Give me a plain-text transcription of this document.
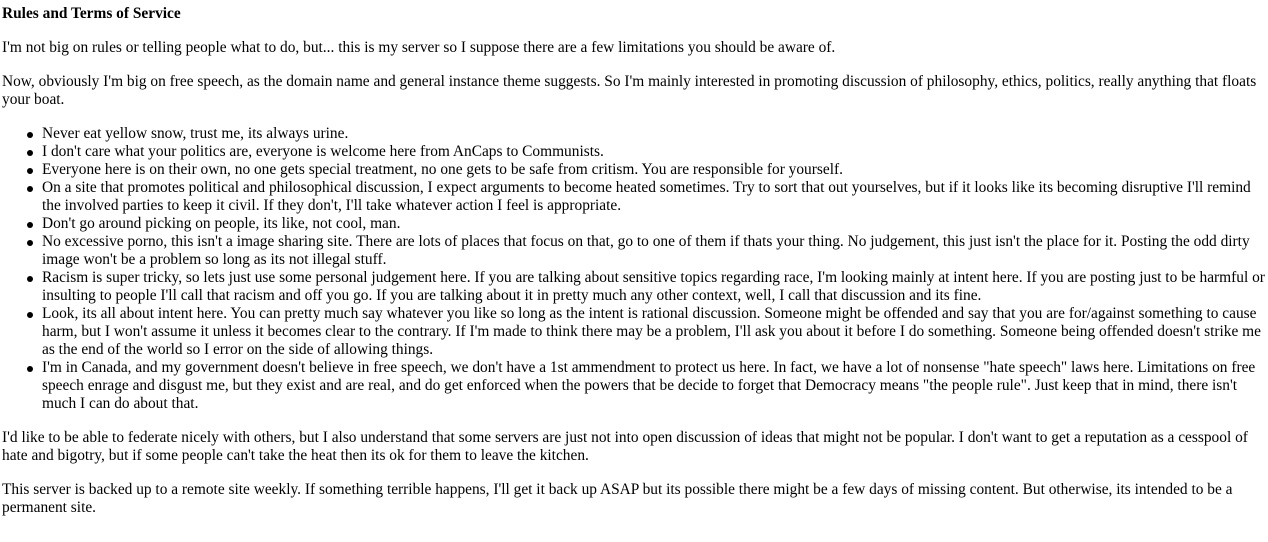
Rules and Terms of Service

I'm not big on rules or telling people what to do, but... this is my server so I suppose there are a few limitations you should be aware of.

Now, obviously I'm big on free speech, as the domain name and general instance theme suggests. So I'm mainly interested in promoting discussion of philosophy, ethics, politics, really anything that floats your boat.

Never eat yellow snow, trust me, its always urine.
I don't care what your politics are, everyone is welcome here from AnCaps to Communists.
Everyone here is on their own, no one gets special treatment, no one gets to be safe from critism. You are responsible for yourself.
On a site that promotes political and philosophical discussion, I expect arguments to become heated sometimes. Try to sort that out yourselves, but if it looks like its becoming disruptive I'll remind the involved parties to keep it civil. If they don't, I'll take whatever action I feel is appropriate.
Don't go around picking on people, its like, not cool, man.
No excessive porno, this isn't a image sharing site. There are lots of places that focus on that, go to one of them if thats your thing. No judgement, this just isn't the place for it. Posting the odd dirty image won't be a problem so long as its not illegal stuff.
Racism is super tricky, so lets just use some personal judgement here. If you are talking about sensitive topics regarding race, I'm looking mainly at intent here. If you are posting just to be harmful or insulting to people I'll call that racism and off you go. If you are talking about it in pretty much any other context, well, I call that discussion and its fine.
Look, its all about intent here. You can pretty much say whatever you like so long as the intent is rational discussion. Someone might be offended and say that you are for/against something to cause harm, but I won't assume it unless it becomes clear to the contrary. If I'm made to think there may be a problem, I'll ask you about it before I do something. Someone being offended doesn't strike me as the end of the world so I error on the side of allowing things.
I'm in Canada, and my government doesn't believe in free speech, we don't have a 1st ammendment to protect us here. In fact, we have a lot of nonsense "hate speech" laws here. Limitations on free speech enrage and disgust me, but they exist and are real, and do get enforced when the powers that be decide to forget that Democracy means "the people rule". Just keep that in mind, there isn't much I can do about that.

I'd like to be able to federate nicely with others, but I also understand that some servers are just not into open discussion of ideas that might not be popular. I don't want to get a reputation as a cesspool of hate and bigotry, but if some people can't take the heat then its ok for them to leave the kitchen.

This server is backed up to a remote site weekly. If something terrible happens, I'll get it back up ASAP but its possible there might be a few days of missing content. But otherwise, its intended to be a permanent site.
